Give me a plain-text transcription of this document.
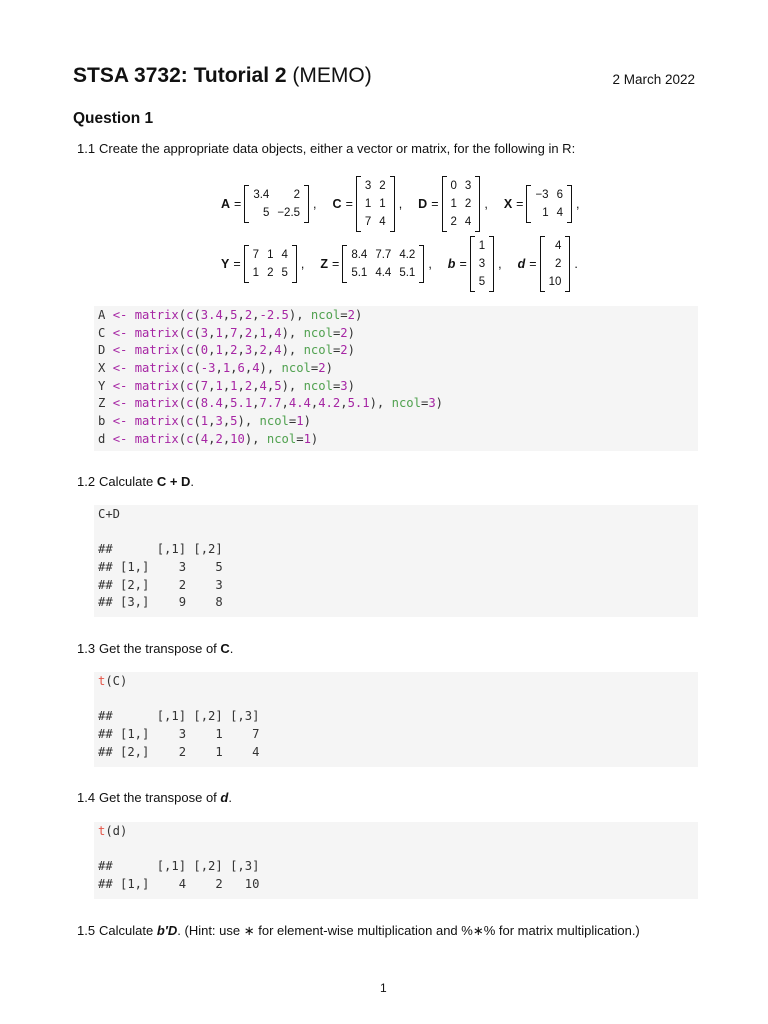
STSA 3732: Tutorial 2 (MEMO)	2 March 2022
Question 1
1.1 Create the appropriate data objects, either a vector or matrix, for the following in R:
A =
3.4	2
5	−2.5
, C =
3	2
1	1
7	4
, D =
0	3
1	2
2	4
, X =
−3	6
1	4
,
Y =
7	1	4
1	2	5
, Z =
8.4	7.7	4.2
5.1	4.4	5.1
, b =
1
3
5
, d =
4
2
10
.
A <- matrix(c(3.4,5,2,-2.5), ncol=2)
C <- matrix(c(3,1,7,2,1,4), ncol=2)
D <- matrix(c(0,1,2,3,2,4), ncol=2)
X <- matrix(c(-3,1,6,4), ncol=2)
Y <- matrix(c(7,1,1,2,4,5), ncol=3)
Z <- matrix(c(8.4,5.1,7.7,4.4,4.2,5.1), ncol=3)
b <- matrix(c(1,3,5), ncol=1)
d <- matrix(c(4,2,10), ncol=1)
1.2 Calculate C + D.
C+D
##      [,1] [,2]
## [1,]    3    5
## [2,]    2    3
## [3,]    9    8
1.3 Get the transpose of C.
t(C)
##      [,1] [,2] [,3]
## [1,]    3    1    7
## [2,]    2    1    4
1.4 Get the transpose of d.
t(d)
##      [,1] [,2] [,3]
## [1,]    4    2   10
1.5 Calculate b′D. (Hint: use ∗ for element-wise multiplication and %∗% for matrix multiplication.)
1
